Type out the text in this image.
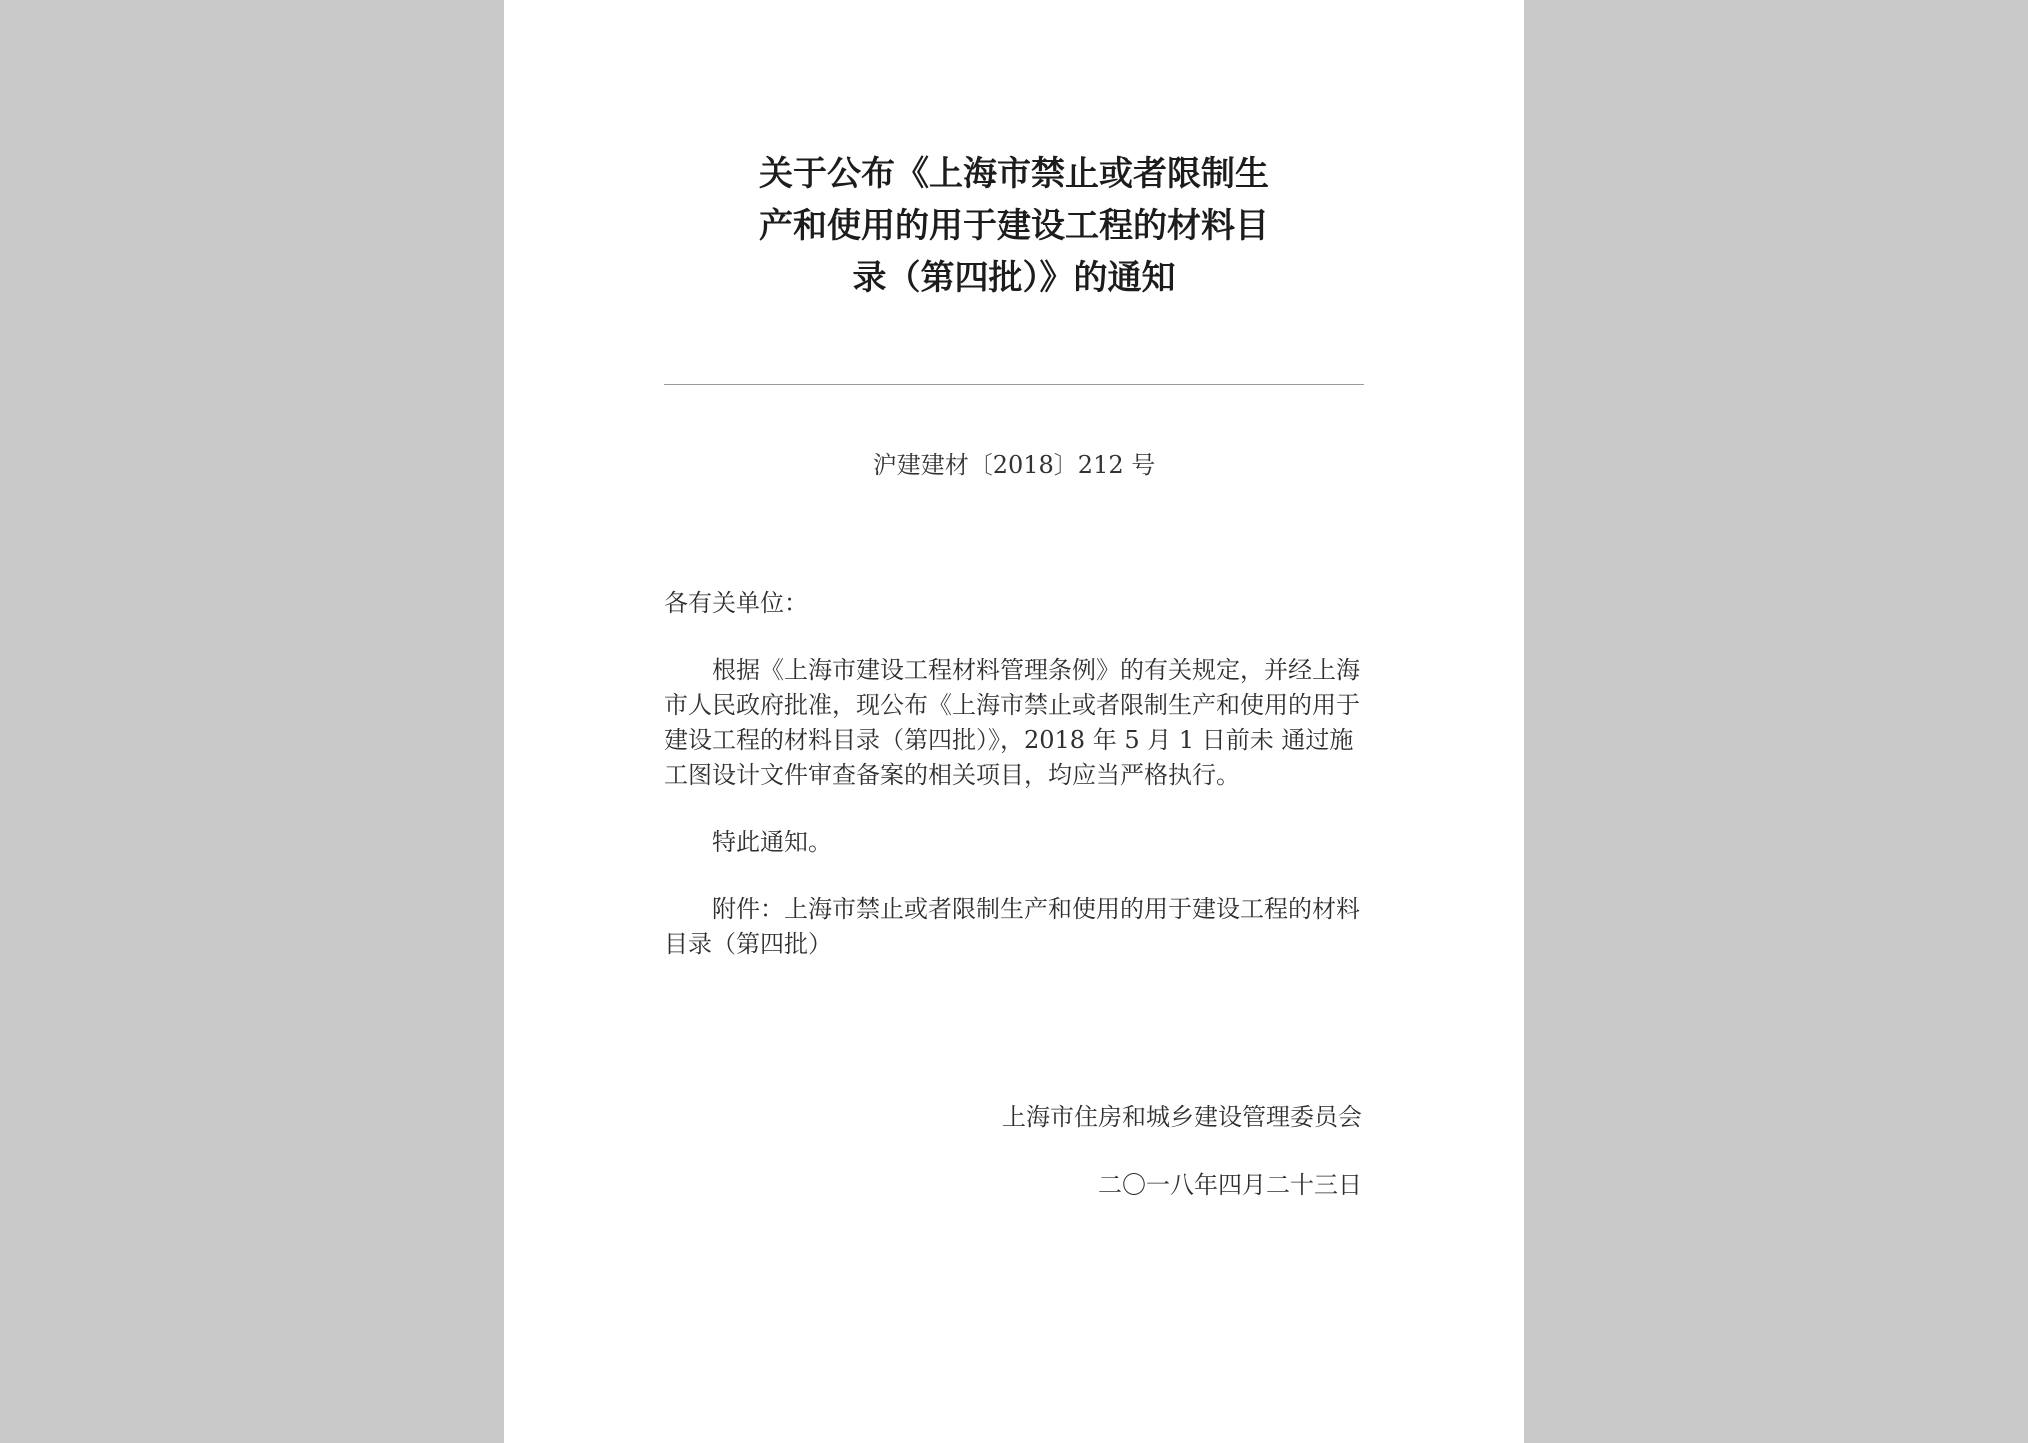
关于公布《上海市禁止或者限制生
产和使用的用于建设工程的材料目
录（第四批）》的通知
沪建建材〔2018〕212 号

各有关单位：

根据《上海市建设工程材料管理条例》的有关规定，并经上海市人民政府批准，现公布《上海市禁止或者限制生产和使用的用于建设工程的材料目录（第四批）》，2018 年 5 月 1 日前未 通过施工图设计文件审查备案的相关项目，均应当严格执行。

特此通知。

附件：上海市禁止或者限制生产和使用的用于建设工程的材料目录（第四批）

上海市住房和城乡建设管理委员会
二〇一八年四月二十三日
